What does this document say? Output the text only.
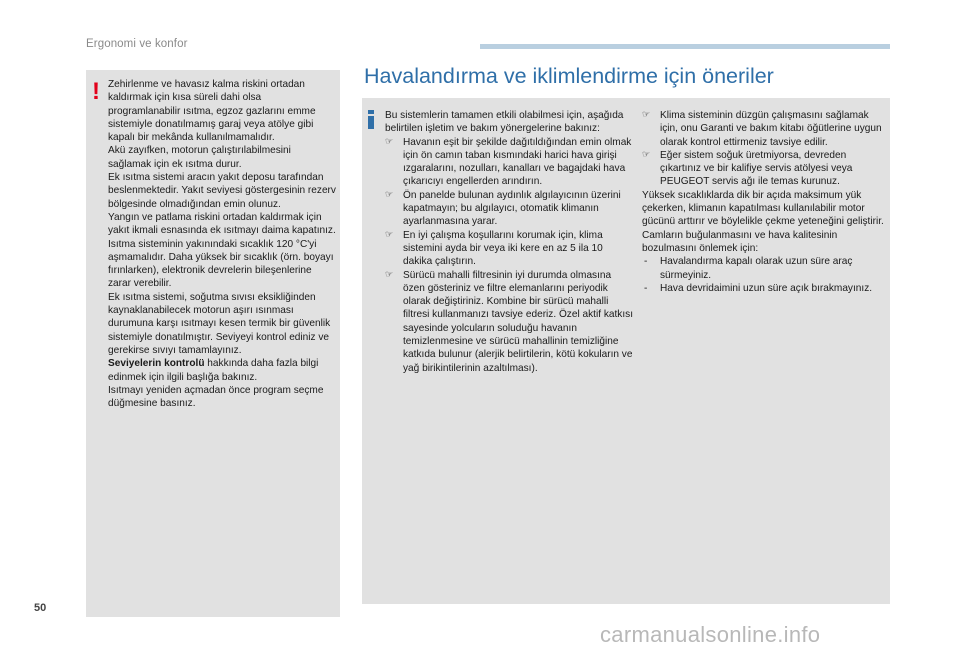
Ergonomi ve konfor
! Zehirlenme ve havasız kalma riskini ortadan kaldırmak için kısa süreli dahi olsa programlanabilir ısıtma, egzoz gazlarını emme sistemiyle donatılmamış garaj veya atölye gibi kapalı bir mekânda kullanılmamalıdır.

Akü zayıfken, motorun çalıştırılabilmesini sağlamak için ek ısıtma durur.

Ek ısıtma sistemi aracın yakıt deposu tarafından beslenmektedir. Yakıt seviyesi göstergesinin rezerv bölgesinde olmadığından emin olunuz.

Yangın ve patlama riskini ortadan kaldırmak için yakıt ikmali esnasında ek ısıtmayı daima kapatınız.

Isıtma sisteminin yakınındaki sıcaklık 120 °C'yi aşmamalıdır. Daha yüksek bir sıcaklık (örn. boyayı fırınlarken), elektronik devrelerin bileşenlerine zarar verebilir.

Ek ısıtma sistemi, soğutma sıvısı eksikliğinden kaynaklanabilecek motorun aşırı ısınması durumuna karşı ısıtmayı kesen termik bir güvenlik sistemiyle donatılmıştır. Seviyeyi kontrol ediniz ve gerekirse sıvıyı tamamlayınız.

Seviyelerin kontrolü hakkında daha fazla bilgi edinmek için ilgili başlığa bakınız.

Isıtmayı yeniden açmadan önce program seçme düğmesine basınız.

Havalandırma ve iklimlendirme için öneriler

Bu sistemlerin tamamen etkili olabilmesi için, aşağıda belirtilen işletim ve bakım yönergelerine bakınız:

☞ Havanın eşit bir şekilde dağıtıldığından emin olmak için ön camın taban kısmındaki harici hava girişi ızgaralarını, nozulları, kanalları ve bagajdaki hava çıkarıcıyı engellerden arındırın.

☞ Ön panelde bulunan aydınlık algılayıcının üzerini kapatmayın; bu algılayıcı, otomatik klimanın ayarlanmasına yarar.

☞ En iyi çalışma koşullarını korumak için, klima sistemini ayda bir veya iki kere en az 5 ila 10 dakika çalıştırın.

☞ Sürücü mahalli filtresinin iyi durumda olmasına özen gösteriniz ve filtre elemanlarını periyodik olarak değiştiriniz. Kombine bir sürücü mahalli filtresi kullanmanızı tavsiye ederiz. Özel aktif katkısı sayesinde yolcuların soluduğu havanın temizlenmesine ve sürücü mahallinin temizliğine katkıda bulunur (alerjik belirtilerin, kötü kokuların ve yağ birikintilerinin azaltılması).

☞ Klima sisteminin düzgün çalışmasını sağlamak için, onu Garanti ve bakım kitabı öğütlerine uygun olarak kontrol ettirmeniz tavsiye edilir.

☞ Eğer sistem soğuk üretmiyorsa, devreden çıkartınız ve bir kalifiye servis atölyesi veya PEUGEOT servis ağı ile temas kurunuz.

Yüksek sıcaklıklarda dik bir açıda maksimum yük çekerken, klimanın kapatılması kullanılabilir motor gücünü arttırır ve böylelikle çekme yeteneğini geliştirir.

Camların buğulanmasını ve hava kalitesinin bozulmasını önlemek için:

- Havalandırma kapalı olarak uzun süre araç sürmeyiniz.

- Hava devridaimini uzun süre açık bırakmayınız.

50
carmanualsonline.info
